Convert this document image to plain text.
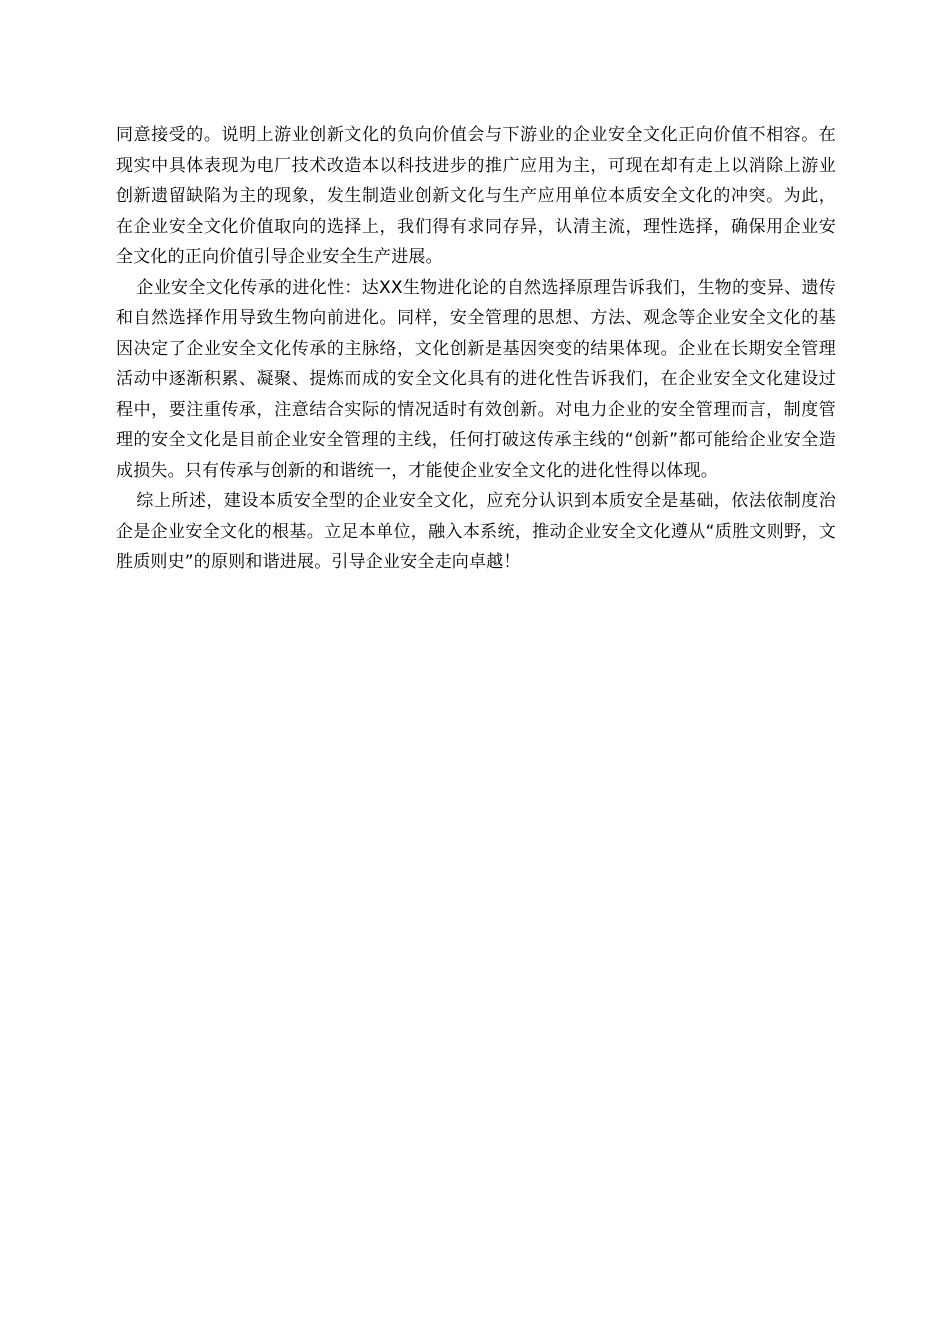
同意接受的。说明上游业创新文化的负向价值会与下游业的企业安全文化正向价值不相容。在现实中具体表现为电厂技术改造本以科技进步的推广应用为主，可现在却有走上以消除上游业创新遗留缺陷为主的现象，发生制造业创新文化与生产应用单位本质安全文化的冲突。为此，在企业安全文化价值取向的选择上，我们得有求同存异，认清主流，理性选择，确保用企业安全文化的正向价值引导企业安全生产进展。

企业安全文化传承的进化性：达XX生物进化论的自然选择原理告诉我们，生物的变异、遗传和自然选择作用导致生物向前进化。同样，安全管理的思想、方法、观念等企业安全文化的基因决定了企业安全文化传承的主脉络，文化创新是基因突变的结果体现。企业在长期安全管理活动中逐渐积累、凝聚、提炼而成的安全文化具有的进化性告诉我们，在企业安全文化建设过程中，要注重传承，注意结合实际的情况适时有效创新。对电力企业的安全管理而言，制度管理的安全文化是目前企业安全管理的主线，任何打破这传承主线的“创新”都可能给企业安全造成损失。只有传承与创新的和谐统一，才能使企业安全文化的进化性得以体现。

综上所述，建设本质安全型的企业安全文化，应充分认识到本质安全是基础，依法依制度治企是企业安全文化的根基。立足本单位，融入本系统，推动企业安全文化遵从“质胜文则野，文胜质则史”的原则和谐进展。引导企业安全走向卓越！
